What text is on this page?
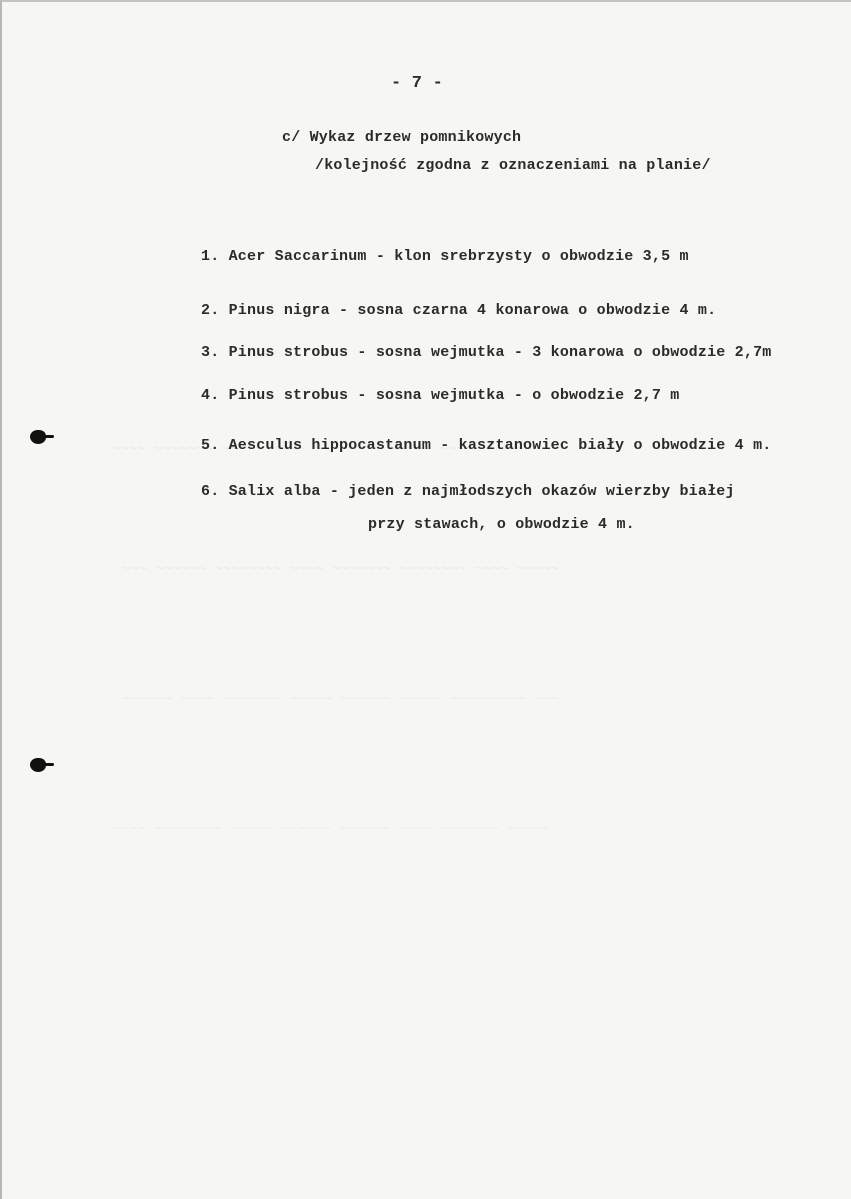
- 7 -
c/ Wykaz drzew pomnikowych
/kolejność zgodna z oznaczeniami na planie/
1. Acer Saccarinum - klon srebrzysty o obwodzie 3,5 m
2. Pinus nigra - sosna czarna 4 konarowa o obwodzie 4 m.
3. Pinus strobus - sosna wejmutka - 3 konarowa o obwodzie 2,7m
4. Pinus strobus - sosna wejmutka - o obwodzie 2,7 m
5. Aesculus hippocastanum - kasztanowiec biały o obwodzie 4 m.
6. Salix alba - jeden z najmłodszych okazów wierzby białej
przy stawach, o obwodzie 4 m.
